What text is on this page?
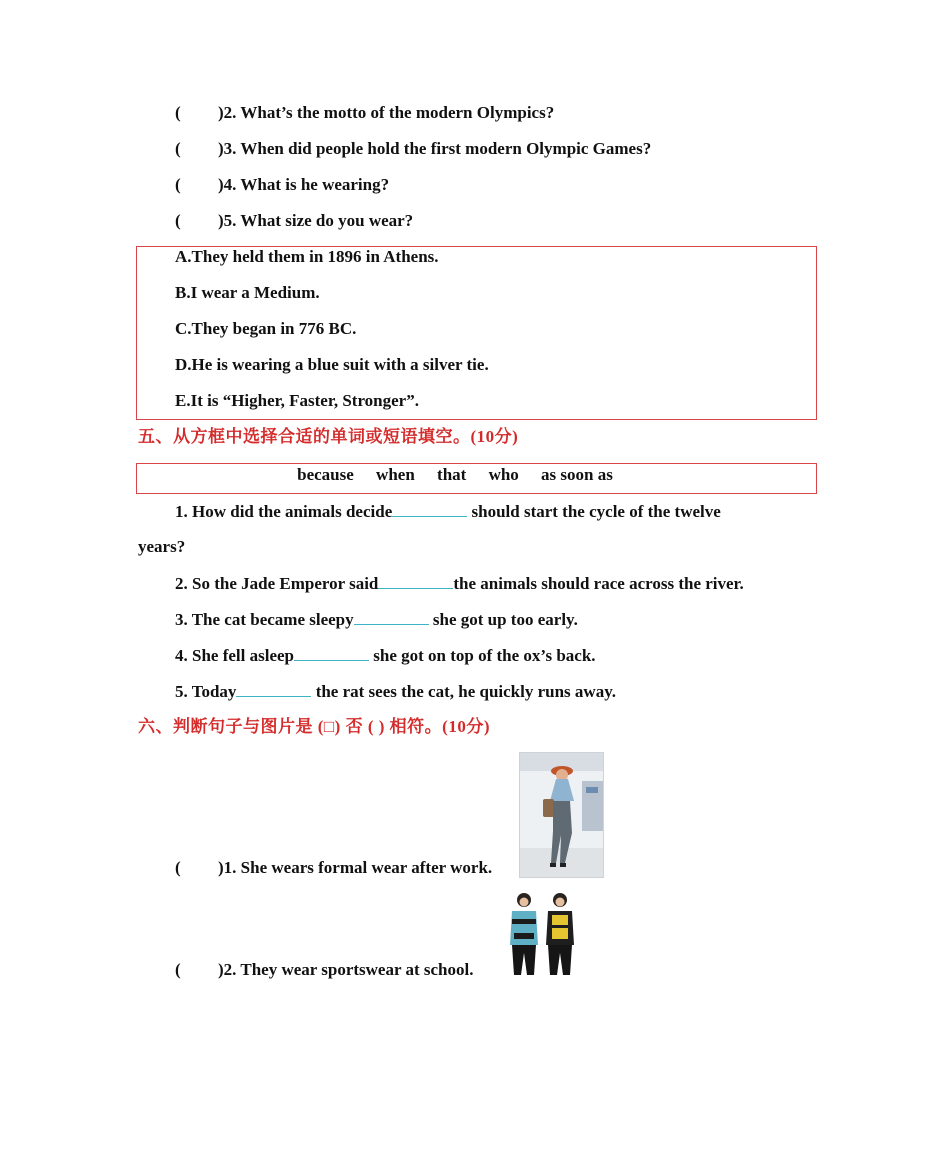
( )2. What’s the motto of the modern Olympics?
( )3. When did people hold the first modern Olympic Games?
( )4. What is he wearing?
( )5. What size do you wear?
A.They held them in 1896 in Athens.
B.I wear a Medium.
C.They began in 776 BC.
D.He is wearing a blue suit with a silver tie.
E.It is “Higher, Faster, Stronger”.
五、从方框中选择合适的单词或短语填空。(10分)
because when that who as soon as
1. How did the animals decide	should start the cycle of the twelve
years?
2. So the Jade Emperor said	the animals should race across the river.
3. The cat became sleepy	she got up too early.
4. She fell asleep	she got on top of the ox’s back.
5. Today	the rat sees the cat, he quickly runs away.
六、判断句子与图片是 (□) 否 ( ) 相符。(10分)
( )1. She wears formal wear after work.
( )2. They wear sportswear at school.
